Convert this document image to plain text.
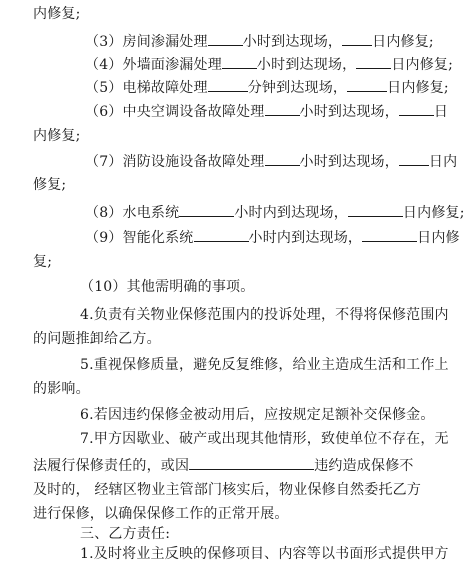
内修复;
（3）房间渗漏处理	小时到达现场， 日内修复;
（4）外墙面渗漏处理	小时到达现场，	日内修复;
（5）电梯故障处理	分钟到达现场，	日内修复;
（6）中央空调设备故障处理	小时到达现场，	日
内修复;
（7）消防设施设备故障处理	小时到达现场， 日内
修复;
（8）水电系统	小时内到达现场，	日内修复;
（9）智能化系统	小时内到达现场，	日内修
复;
（10）其他需明确的事项。
4.负责有关物业保修范围内的投诉处理，不得将保修范围内
的问题推卸给乙方。
5.重视保修质量，避免反复维修，给业主造成生活和工作上
的影响。
6.若因违约保修金被动用后，应按规定足额补交保修金。
7.甲方因歇业、破产或出现其他情形，致使单位不存在，无
法履行保修责任的，或因	违约造成保修不
及时的， 经辖区物业主管部门核实后，物业保修自然委托乙方
进行保修，以确保保修工作的正常开展。
三、乙方责任:
1.及时将业主反映的保修项目、内容等以书面形式提供甲方
